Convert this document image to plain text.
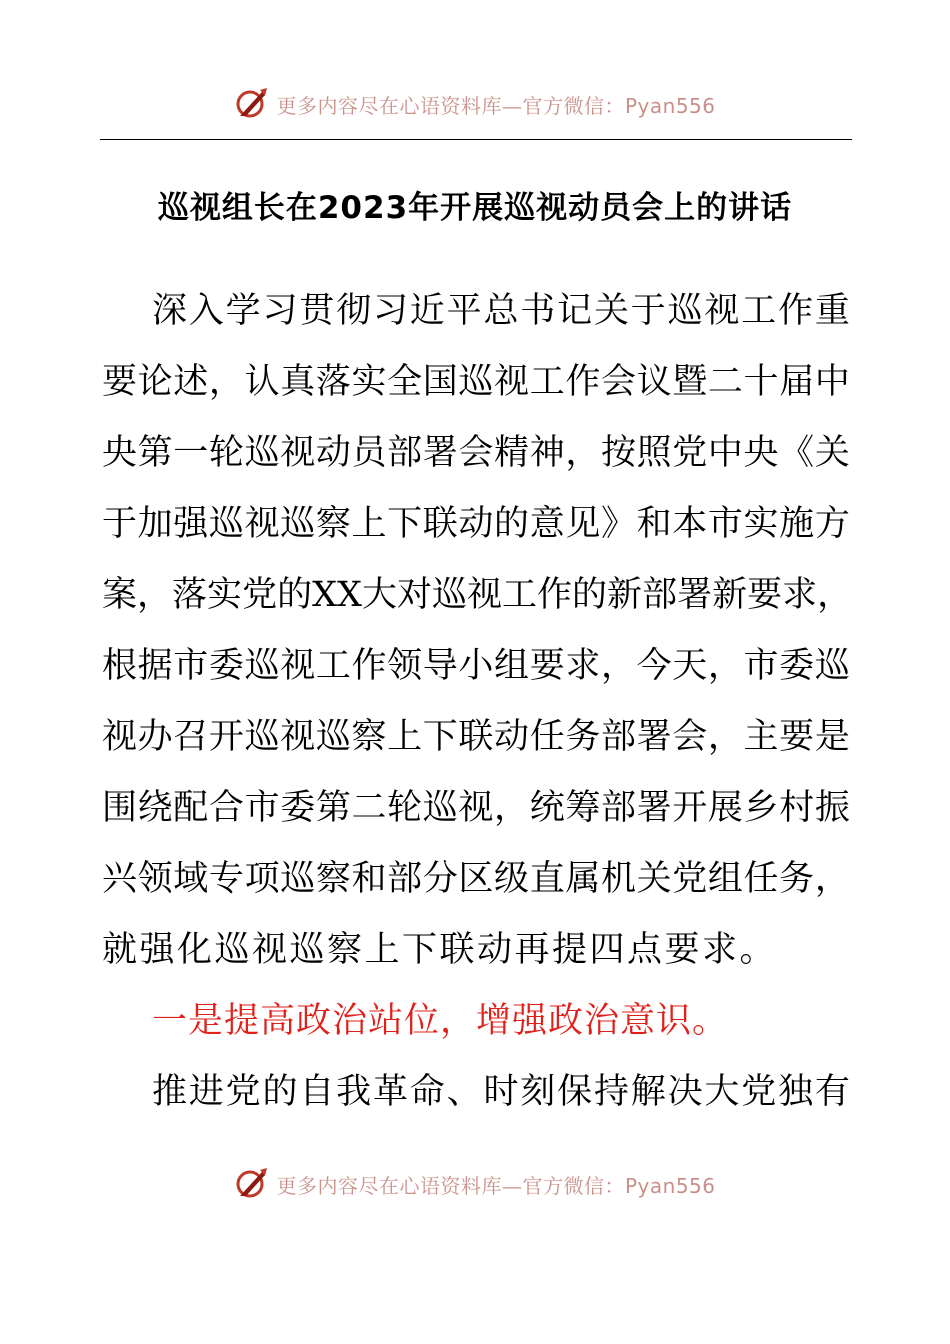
更多内容尽在心语资料库—官方微信：Pyan556
巡视组长在2023年开展巡视动员会上的讲话
深 入 学 习 贯 彻 习 近 平 总 书 记 关 于 巡 视 工 作 重
要 论 述 ， 认 真 落 实 全 国 巡 视 工 作 会 议 暨 二 十 届 中
央 第 一 轮 巡 视 动 员 部 署 会 精 神 ， 按 照 党 中 央 《 关
于 加 强 巡 视 巡 察 上 下 联 动 的 意 见 》 和 本 市 实 施 方
案 ， 落 实 党 的 X X 大 对 巡 视 工 作 的 新 部 署 新 要 求 ，
根 据 市 委 巡 视 工 作 领 导 小 组 要 求 ， 今 天 ， 市 委 巡
视 办 召 开 巡 视 巡 察 上 下 联 动 任 务 部 署 会 ， 主 要 是
围 绕 配 合 市 委 第 二 轮 巡 视 ， 统 筹 部 署 开 展 乡 村 振
兴 领 域 专 项 巡 察 和 部 分 区 级 直 属 机 关 党 组 任 务 ，
就强化巡视巡察上下联动再提四点要求。
一是提高政治站位，增强政治意识。
推 进 党 的 自 我 革 命 、 时 刻 保 持 解 决 大 党 独 有
更多内容尽在心语资料库—官方微信：Pyan556
